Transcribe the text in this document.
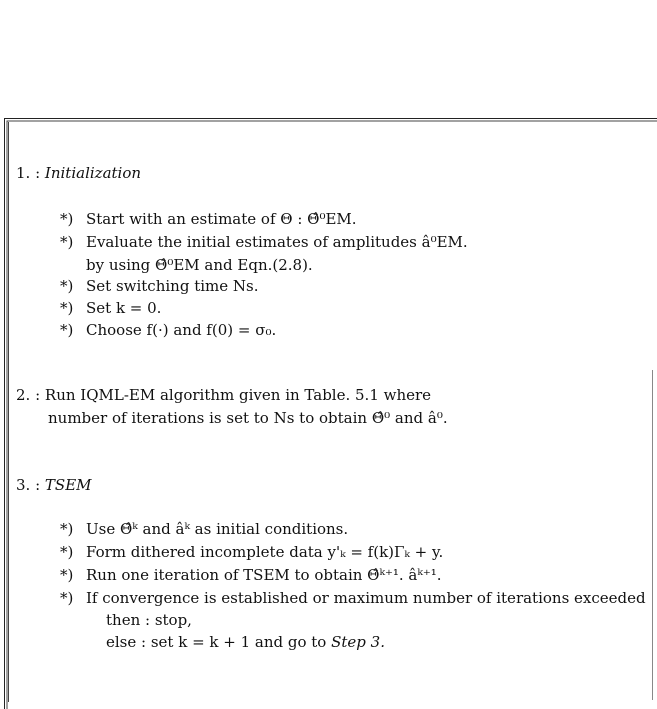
1. : Initialization
*) Start with an estimate of Θ : Θ̂⁰EM.
*) Evaluate the initial estimates of amplitudes â⁰EM.
by using Θ̂⁰EM and Eqn.(2.8).
*) Set switching time Ns.
*) Set k = 0.
*) Choose f(·) and f(0) = σ₀.
2. : Run IQML-EM algorithm given in Table. 5.1 where
number of iterations is set to Ns to obtain Θ̂⁰ and â⁰.
3. : TSEM
*) Use Θ̂ᵏ and âᵏ as initial conditions.
*) Form dithered incomplete data y'ₖ = f(k)Γₖ + y.
*) Run one iteration of TSEM to obtain Θ̂ᵏ⁺¹. âᵏ⁺¹.
*) If convergence is established or maximum number of iterations exceeded
then : stop,
else : set k = k + 1 and go to Step 3.
